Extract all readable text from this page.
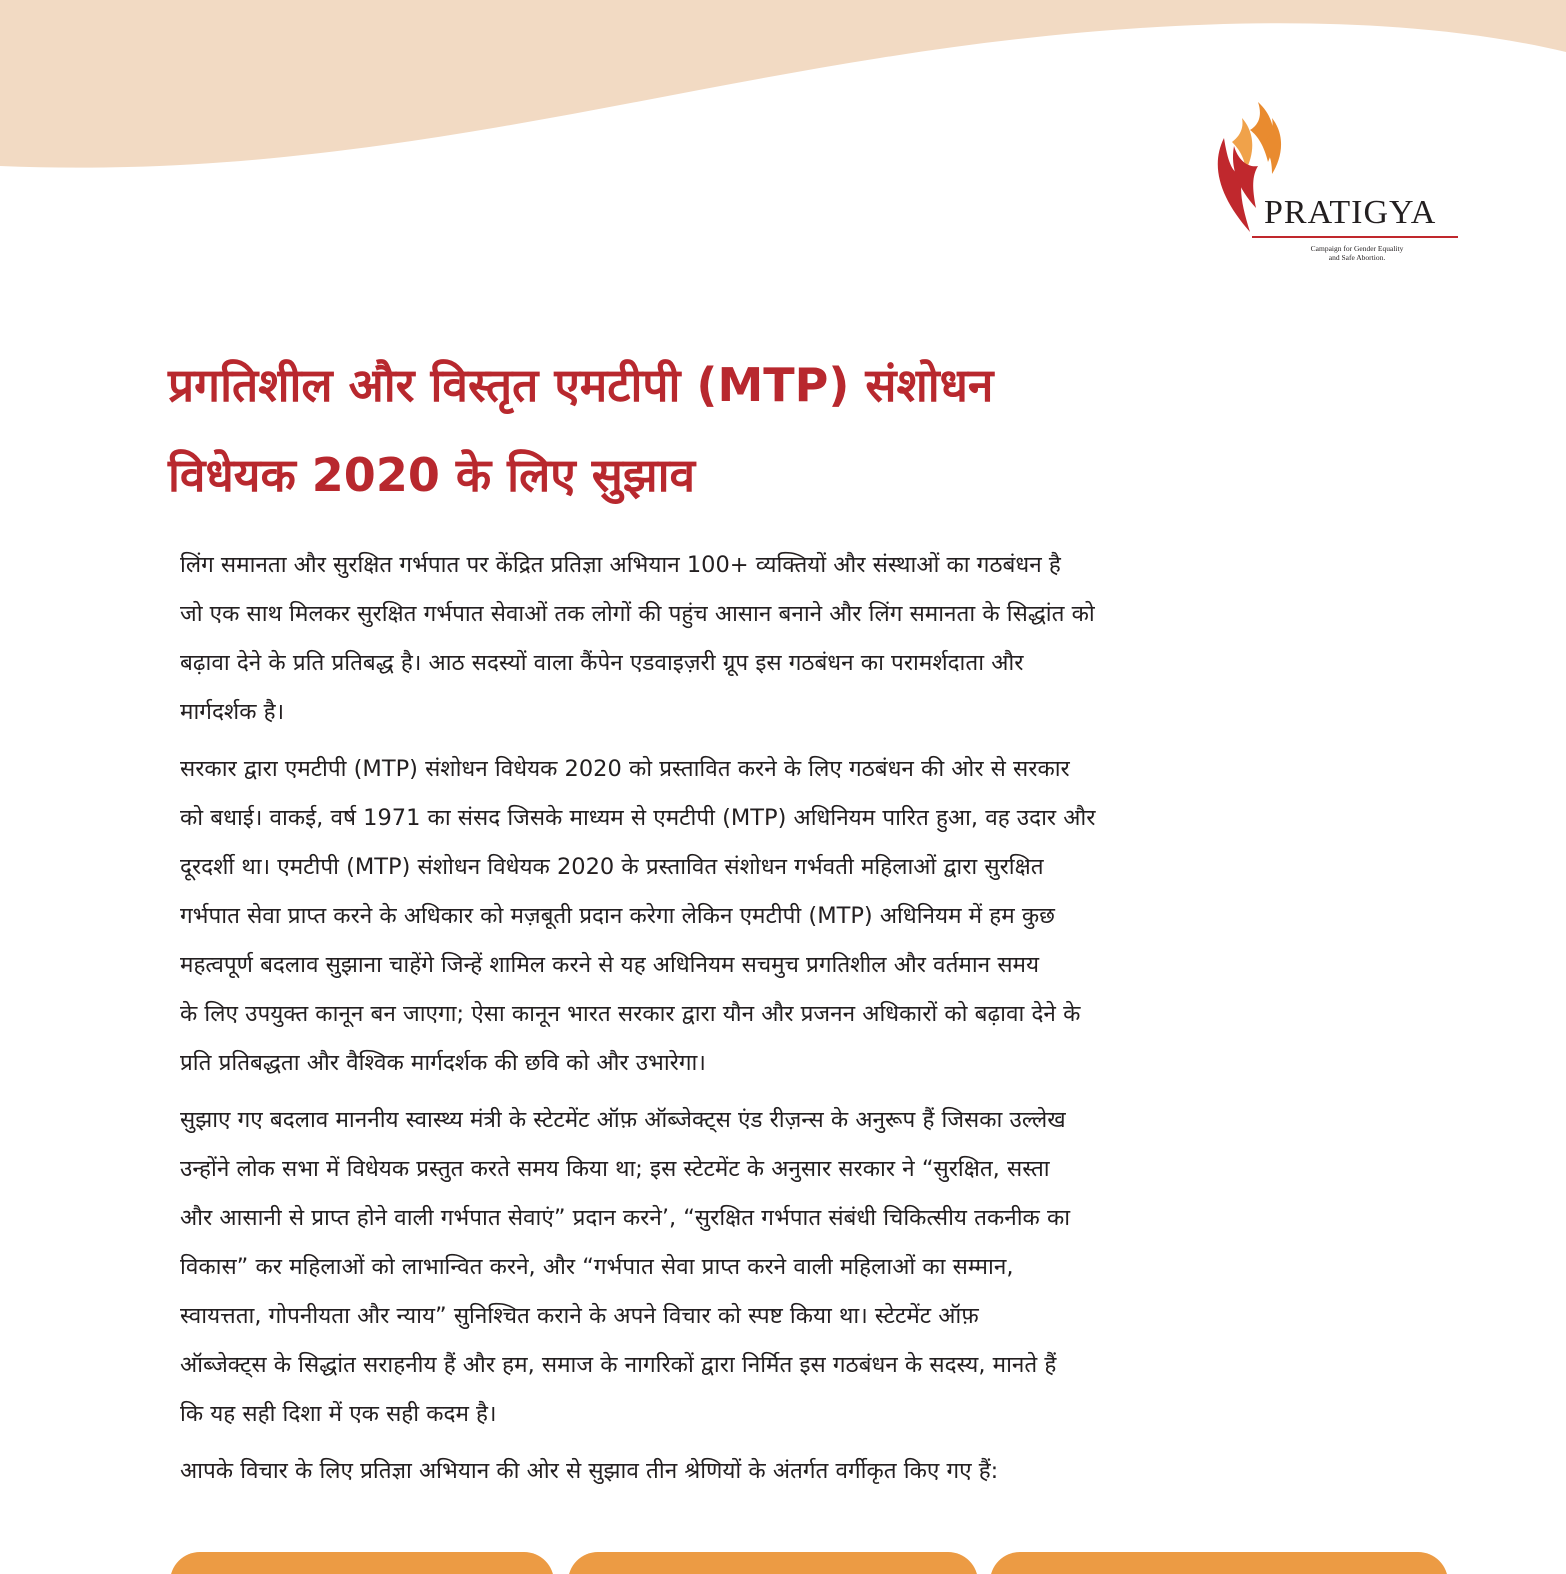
PRATIGYA
Campaign for Gender Equality
and Safe Abortion.
प्रगतिशील और विस्तृत एमटीपी (MTP) संशोधन
विधेयक 2020 के लिए सुझाव

लिंग समानता और सुरक्षित गर्भपात पर केंद्रित प्रतिज्ञा अभियान 100+ व्यक्तियों और संस्थाओं का गठबंधन है
जो एक साथ मिलकर सुरक्षित गर्भपात सेवाओं तक लोगों की पहुंच आसान बनाने और लिंग समानता के सिद्धांत को
बढ़ावा देने के प्रति प्रतिबद्ध है। आठ सदस्यों वाला कैंपेन एडवाइज़री ग्रूप इस गठबंधन का परामर्शदाता और
मार्गदर्शक है।

सरकार द्वारा एमटीपी (MTP) संशोधन विधेयक 2020 को प्रस्तावित करने के लिए गठबंधन की ओर से सरकार
को बधाई। वाकई, वर्ष 1971 का संसद जिसके माध्यम से एमटीपी (MTP) अधिनियम पारित हुआ, वह उदार और
दूरदर्शी था। एमटीपी (MTP) संशोधन विधेयक 2020 के प्रस्तावित संशोधन गर्भवती महिलाओं द्वारा सुरक्षित
गर्भपात सेवा प्राप्त करने के अधिकार को मज़बूती प्रदान करेगा लेकिन एमटीपी (MTP) अधिनियम में हम कुछ
महत्वपूर्ण बदलाव सुझाना चाहेंगे जिन्हें शामिल करने से यह अधिनियम सचमुच प्रगतिशील और वर्तमान समय
के लिए उपयुक्त कानून बन जाएगा; ऐसा कानून भारत सरकार द्वारा यौन और प्रजनन अधिकारों को बढ़ावा देने के
प्रति प्रतिबद्धता और वैश्विक मार्गदर्शक की छवि को और उभारेगा।

सुझाए गए बदलाव माननीय स्वास्थ्य मंत्री के स्टेटमेंट ऑफ़ ऑब्जेक्ट्स एंड रीज़न्स के अनुरूप हैं जिसका उल्लेख
उन्होंने लोक सभा में विधेयक प्रस्तुत करते समय किया था; इस स्टेटमेंट के अनुसार सरकार ने “सुरक्षित, सस्ता
और आसानी से प्राप्त होने वाली गर्भपात सेवाएं” प्रदान करने’, “सुरक्षित गर्भपात संबंधी चिकित्सीय तकनीक का
विकास” कर महिलाओं को लाभान्वित करने, और “गर्भपात सेवा प्राप्त करने वाली महिलाओं का सम्मान,
स्वायत्तता, गोपनीयता और न्याय” सुनिश्चित कराने के अपने विचार को स्पष्ट किया था। स्टेटमेंट ऑफ़
ऑब्जेक्ट्स के सिद्धांत सराहनीय हैं और हम, समाज के नागरिकों द्वारा निर्मित इस गठबंधन के सदस्य, मानते हैं
कि यह सही दिशा में एक सही कदम है।

आपके विचार के लिए प्रतिज्ञा अभियान की ओर से सुझाव तीन श्रेणियों के अंतर्गत वर्गीकृत किए गए हैं:
